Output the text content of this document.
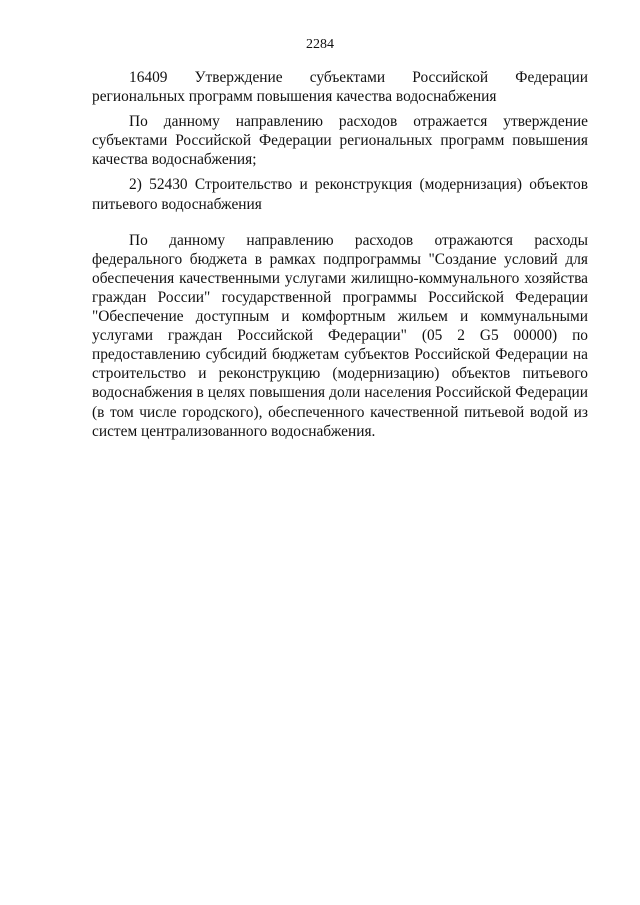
2284

16409 Утверждение субъектами Российской Федерации региональных программ повышения качества водоснабжения

По данному направлению расходов отражается утверждение субъектами Российской Федерации региональных программ повышения качества водоснабжения;

2) 52430 Строительство и реконструкция (модернизация) объектов питьевого водоснабжения

По данному направлению расходов отражаются расходы федерального бюджета в рамках подпрограммы "Создание условий для обеспечения качественными услугами жилищно-коммунального хозяйства граждан России" государственной программы Российской Федерации "Обеспечение доступным и комфортным жильем и коммунальными услугами граждан Российской Федерации" (05 2 G5 00000) по предоставлению субсидий бюджетам субъектов Российской Федерации на строительство и реконструкцию (модернизацию) объектов питьевого водоснабжения в целях повышения доли населения Российской Федерации (в том числе городского), обеспеченного качественной питьевой водой из систем централизованного водоснабжения.
